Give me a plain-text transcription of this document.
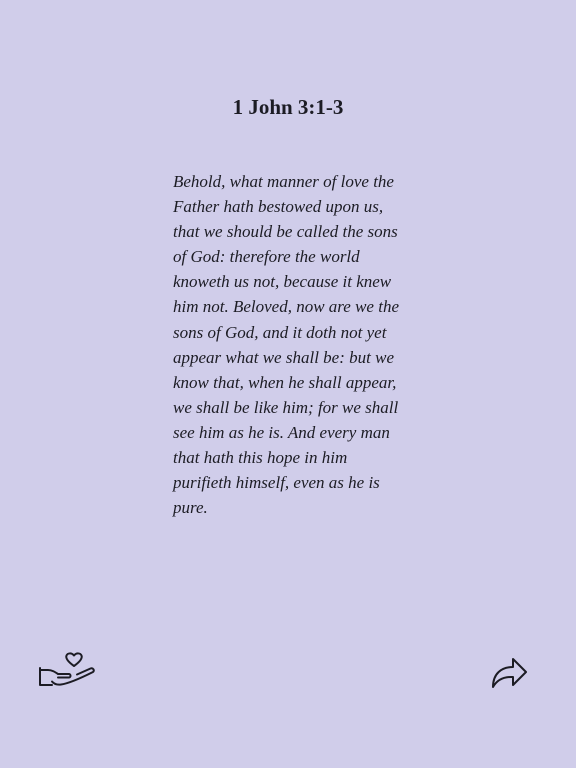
1 John 3:1-3

Behold, what manner of love the Father hath bestowed upon us, that we should be called the sons of God: therefore the world knoweth us not, because it knew him not. Beloved, now are we the sons of God, and it doth not yet appear what we shall be: but we know that, when he shall appear, we shall be like him; for we shall see him as he is. And every man that hath this hope in him purifieth himself, even as he is pure.
